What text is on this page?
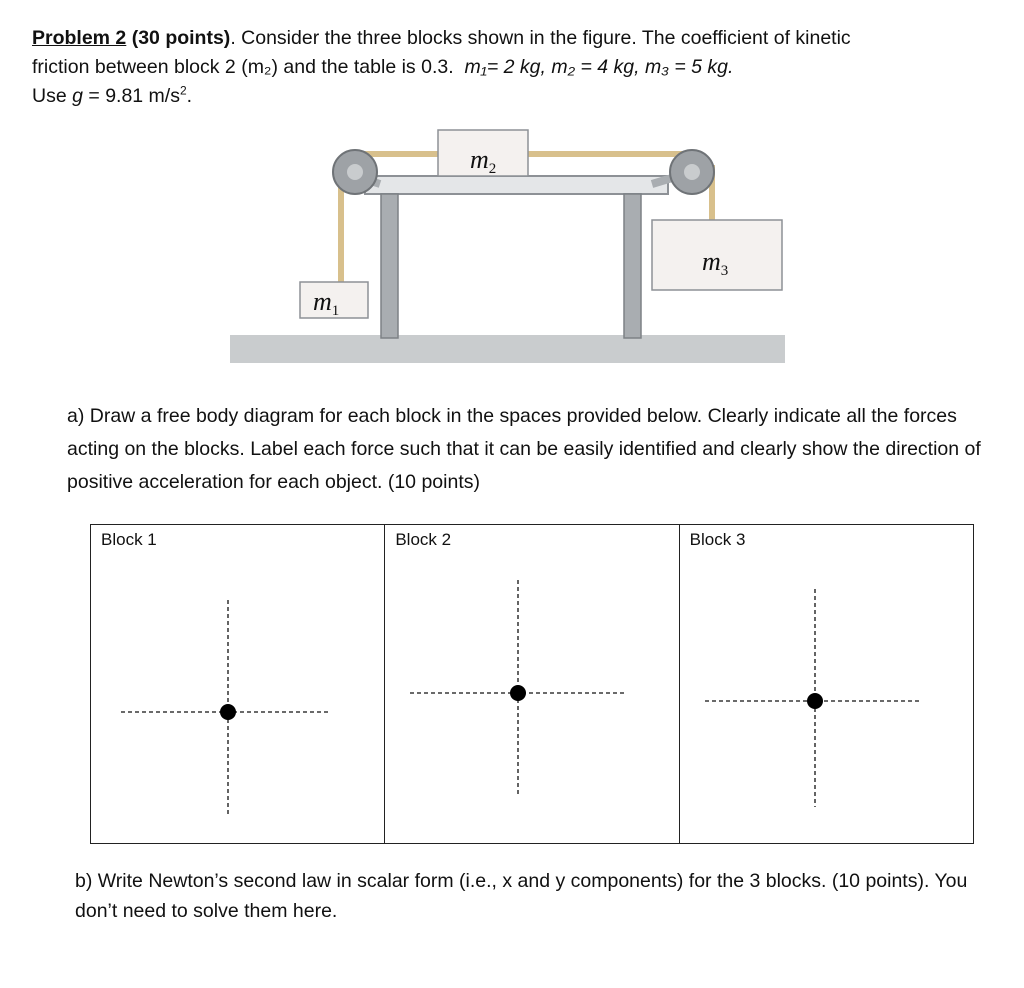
Problem 2 (30 points). Consider the three blocks shown in the figure. The coefficient of kinetic
friction between block 2 (m₂) and the table is 0.3. m₁= 2 kg, m₂ = 4 kg, m₃ = 5 kg.
Use g = 9.81 $m/s^2$.
m2
m1
m3
a) Draw a free body diagram for each block in the spaces provided below. Clearly indicate all the forces acting on the blocks. Label each force such that it can be easily identified and clearly show the direction of positive acceleration for each object. (10 points)
Block 1	Block 2	Block 3
b) Write Newton’s second law in scalar form (i.e., x and y components) for the 3 blocks. (10 points). You don’t need to solve them here.
